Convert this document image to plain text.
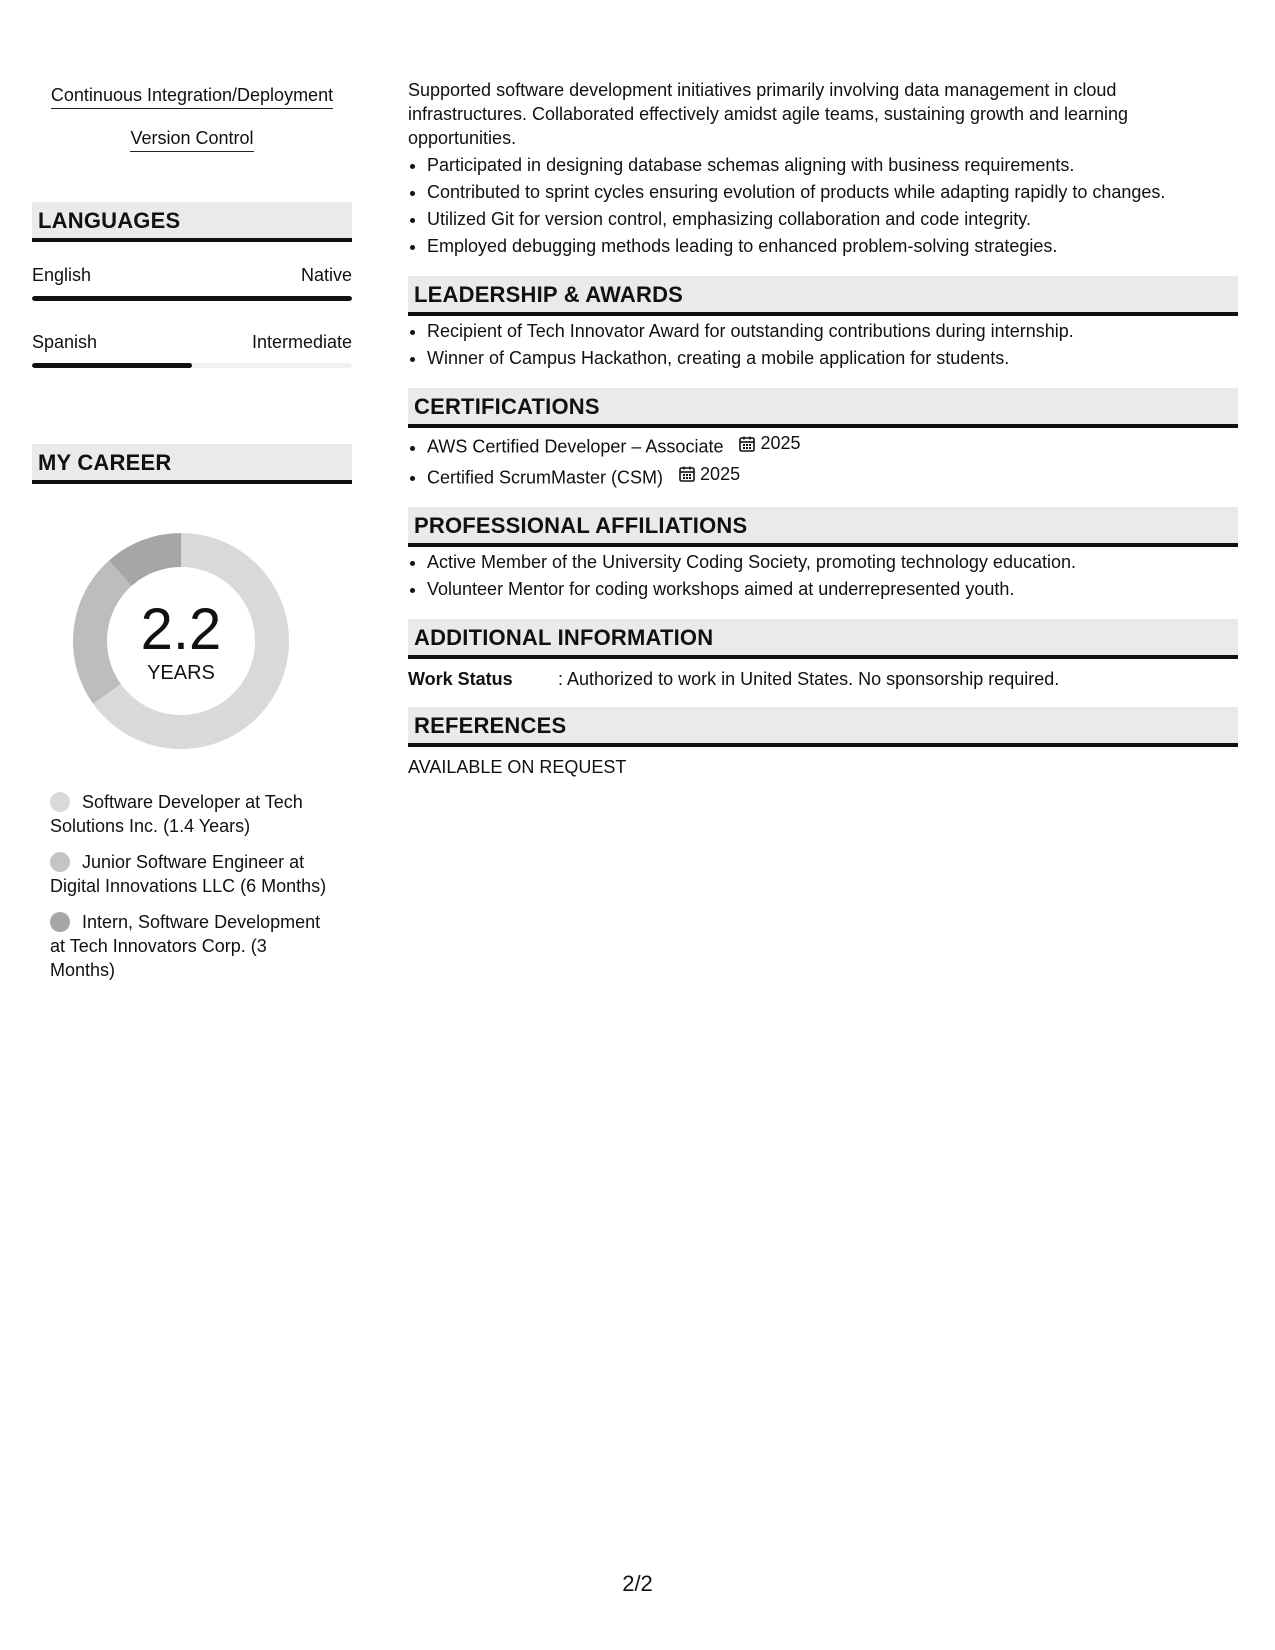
Continuous Integration/Deployment
Version Control
LANGUAGES
English	Native
Spanish	Intermediate
MY CAREER
2.2
YEARS
Software Developer at Tech Solutions Inc. (1.4 Years)
Junior Software Engineer at Digital Innovations LLC (6 Months)
Intern, Software Development at Tech Innovators Corp. (3 Months)

Supported software development initiatives primarily involving data management in cloud infrastructures. Collaborated effectively amidst agile teams, sustaining growth and learning opportunities.

• Participated in designing database schemas aligning with business requirements.
• Contributed to sprint cycles ensuring evolution of products while adapting rapidly to changes.
• Utilized Git for version control, emphasizing collaboration and code integrity.
• Employed debugging methods leading to enhanced problem-solving strategies.
LEADERSHIP & AWARDS
• Recipient of Tech Innovator Award for outstanding contributions during internship.
• Winner of Campus Hackathon, creating a mobile application for students.
CERTIFICATIONS
• AWS Certified Developer – Associate 2025
• Certified ScrumMaster (CSM) 2025
PROFESSIONAL AFFILIATIONS
• Active Member of the University Coding Society, promoting technology education.
• Volunteer Mentor for coding workshops aimed at underrepresented youth.
ADDITIONAL INFORMATION
Work Status	: Authorized to work in United States. No sponsorship required.
REFERENCES
AVAILABLE ON REQUEST
2/2
